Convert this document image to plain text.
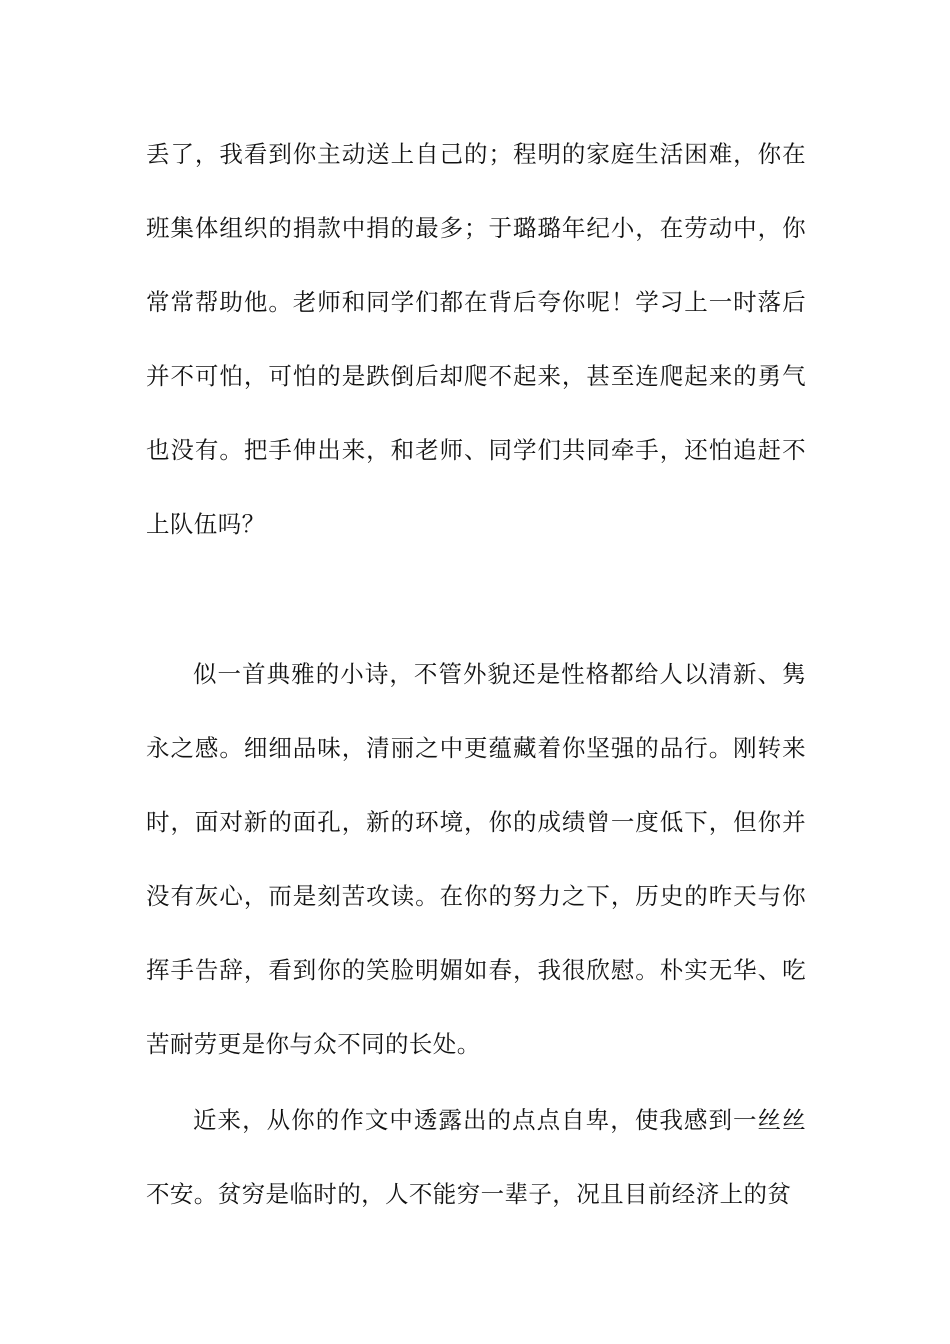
丢了，我看到你主动送上自己的；程明的家庭生活困难，你在班集体组织的捐款中捐的最多；于璐璐年纪小，在劳动中，你常常帮助他。老师和同学们都在背后夸你呢！学习上一时落后并不可怕，可怕的是跌倒后却爬不起来，甚至连爬起来的勇气也没有。把手伸出来，和老师、同学们共同牵手，还怕追赶不上队伍吗？

似一首典雅的小诗，不管外貌还是性格都给人以清新、隽永之感。细细品味，清丽之中更蕴藏着你坚强的品行。刚转来时，面对新的面孔，新的环境，你的成绩曾一度低下，但你并没有灰心，而是刻苦攻读。在你的努力之下，历史的昨天与你挥手告辞，看到你的笑脸明媚如春，我很欣慰。朴实无华、吃苦耐劳更是你与众不同的长处。

近来，从你的作文中透露出的点点自卑，使我感到一丝丝不安。贫穷是临时的，人不能穷一辈子，况且目前经济上的贫
